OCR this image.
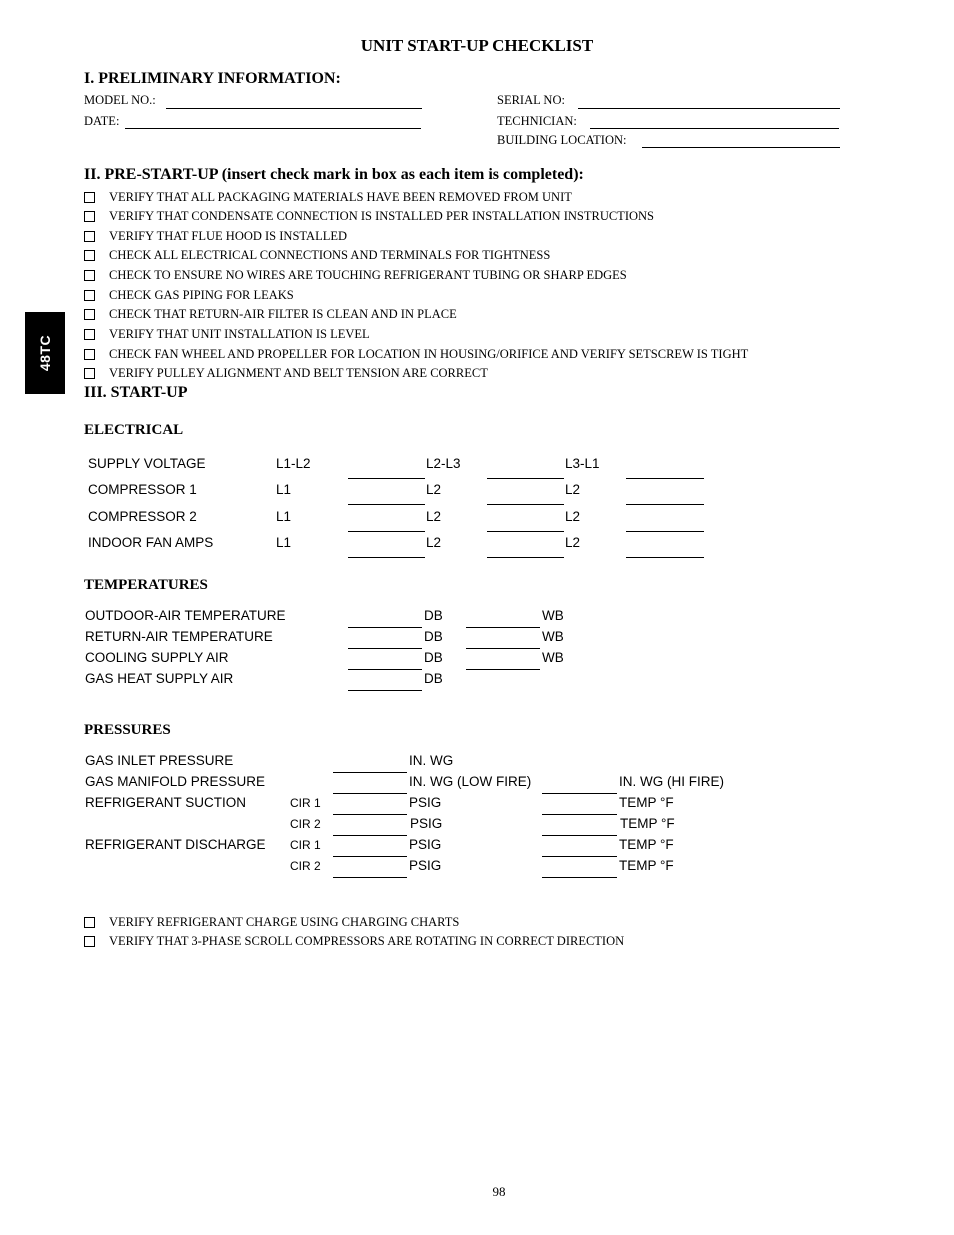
UNIT START-UP CHECKLIST
48TC
I. PRELIMINARY INFORMATION:
MODEL NO.:
DATE:
SERIAL NO:
TECHNICIAN:
BUILDING LOCATION:
II. PRE-START-UP (insert check mark in box as each item is completed):
VERIFY THAT ALL PACKAGING MATERIALS HAVE BEEN REMOVED FROM UNIT
VERIFY THAT CONDENSATE CONNECTION IS INSTALLED PER INSTALLATION INSTRUCTIONS
VERIFY THAT FLUE HOOD IS INSTALLED
CHECK ALL ELECTRICAL CONNECTIONS AND TERMINALS FOR TIGHTNESS
CHECK TO ENSURE NO WIRES ARE TOUCHING REFRIGERANT TUBING OR SHARP EDGES
CHECK GAS PIPING FOR LEAKS
CHECK THAT RETURN-AIR FILTER IS CLEAN AND IN PLACE
VERIFY THAT UNIT INSTALLATION IS LEVEL
CHECK FAN WHEEL AND PROPELLER FOR LOCATION IN HOUSING/ORIFICE AND VERIFY SETSCREW IS TIGHT
VERIFY PULLEY ALIGNMENT AND BELT TENSION ARE CORRECT
III. START-UP
ELECTRICAL
SUPPLY VOLTAGE	L1-L2	L2-L3	L3-L1
COMPRESSOR 1	L1	L2	L2
COMPRESSOR 2	L1	L2	L2
INDOOR FAN AMPS	L1	L2	L2
TEMPERATURES
OUTDOOR-AIR TEMPERATURE	DB	WB
RETURN-AIR TEMPERATURE	DB	WB
COOLING SUPPLY AIR	DB	WB
GAS HEAT SUPPLY AIR	DB
PRESSURES
GAS INLET PRESSURE	IN. WG
GAS MANIFOLD PRESSURE	IN. WG (LOW FIRE)	IN. WG (HI FIRE)
REFRIGERANT SUCTION	CIR 1	PSIG	TEMP °F
CIR 2	PSIG	TEMP °F
REFRIGERANT DISCHARGE CIR 1	PSIG	TEMP °F
CIR 2	PSIG	TEMP °F
VERIFY REFRIGERANT CHARGE USING CHARGING CHARTS
VERIFY THAT 3-PHASE SCROLL COMPRESSORS ARE ROTATING IN CORRECT DIRECTION
98
